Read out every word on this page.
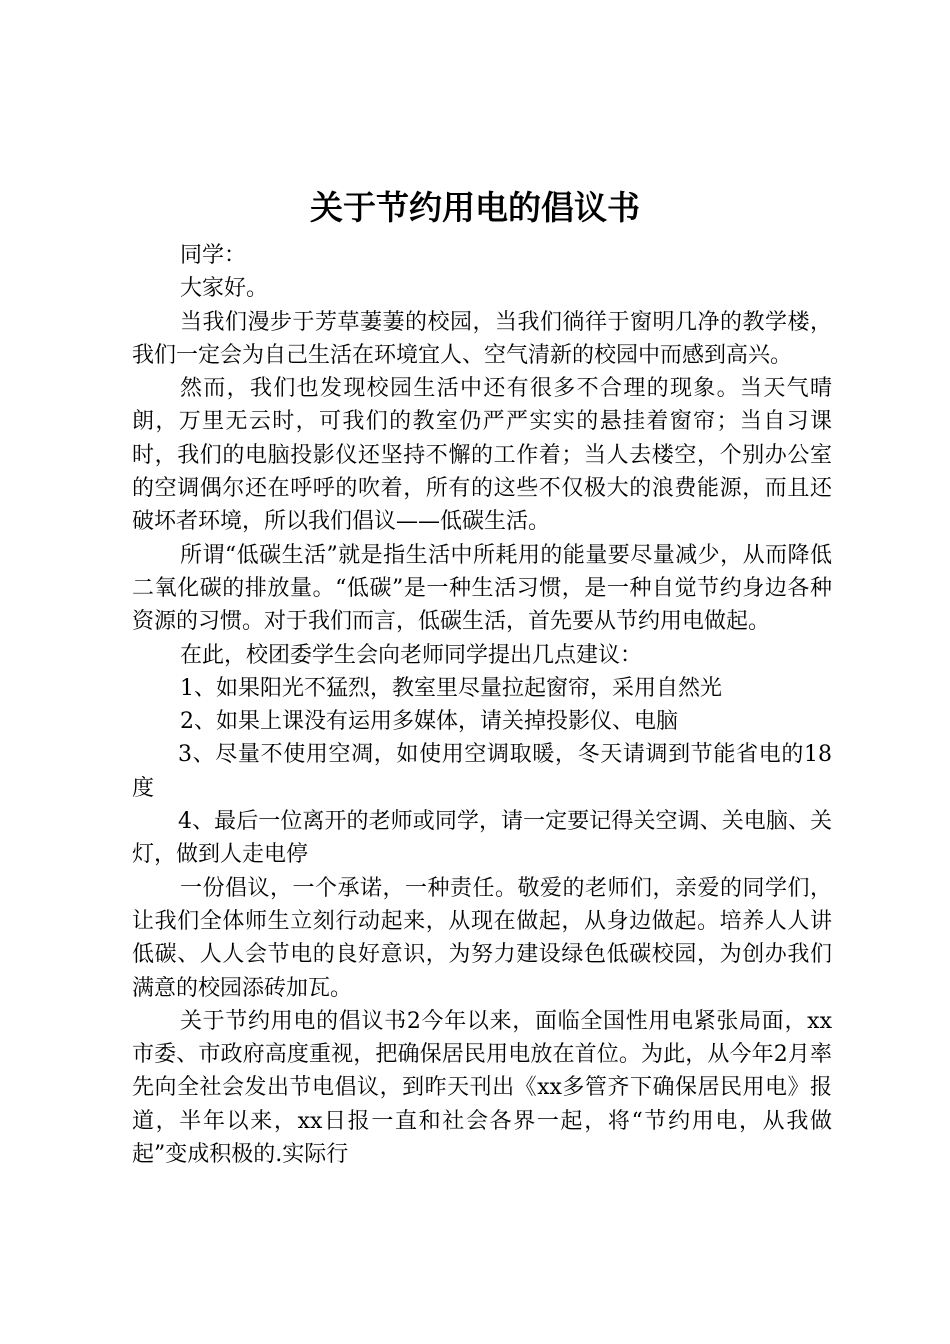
关于节约用电的倡议书

同学：

大家好。

当我们漫步于芳草萋萋的校园，当我们徜徉于窗明几净的教学楼，我们一定会为自己生活在环境宜人、空气清新的校园中而感到高兴。

然而，我们也发现校园生活中还有很多不合理的现象。当天气晴朗，万里无云时，可我们的教室仍严严实实的悬挂着窗帘；当自习课时，我们的电脑投影仪还坚持不懈的工作着；当人去楼空，个别办公室的空调偶尔还在呼呼的吹着，所有的这些不仅极大的浪费能源，而且还破坏者环境，所以我们倡议——低碳生活。

所谓“低碳生活”就是指生活中所耗用的能量要尽量减少，从而降低二氧化碳的排放量。“低碳”是一种生活习惯，是一种自觉节约身边各种资源的习惯。对于我们而言，低碳生活，首先要从节约用电做起。

在此，校团委学生会向老师同学提出几点建议：

1、如果阳光不猛烈，教室里尽量拉起窗帘，采用自然光

2、如果上课没有运用多媒体，请关掉投影仪、电脑

3、尽量不使用空凋，如使用空调取暖，冬天请调到节能省电的18度

4、最后一位离开的老师或同学，请一定要记得关空调、关电脑、关灯，做到人走电停

一份倡议，一个承诺，一种责任。敬爱的老师们，亲爱的同学们，让我们全体师生立刻行动起来，从现在做起，从身边做起。培养人人讲低碳、人人会节电的良好意识，为努力建设绿色低碳校园，为创办我们满意的校园添砖加瓦。

关于节约用电的倡议书2今年以来，面临全国性用电紧张局面，xx市委、市政府高度重视，把确保居民用电放在首位。为此，从今年2月率先向全社会发出节电倡议，到昨天刊出《xx多管齐下确保居民用电》报道，半年以来，xx日报一直和社会各界一起，将“节约用电，从我做起”变成积极的.实际行
